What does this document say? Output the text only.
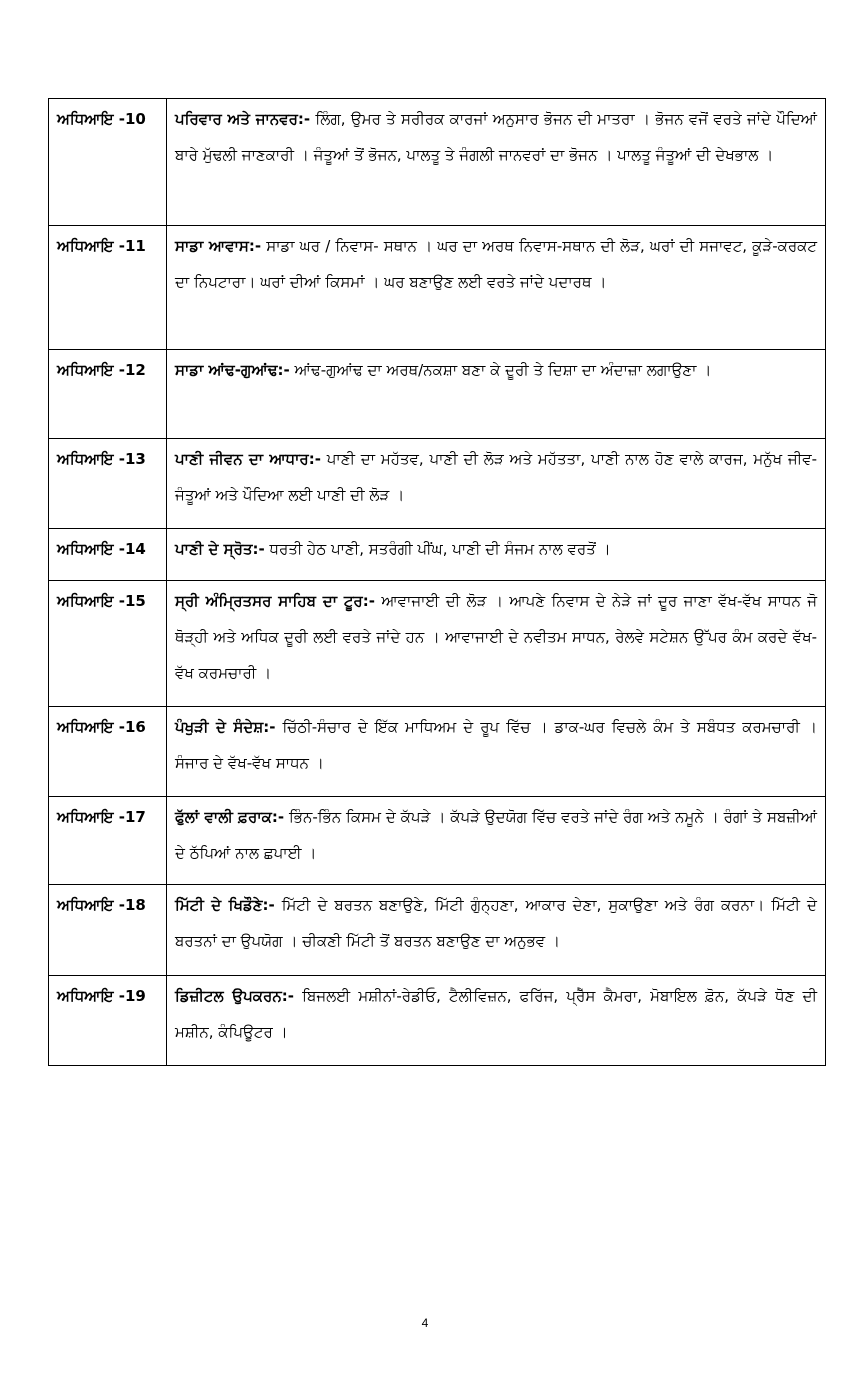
ਅਧਿਆਇ -10	ਪਰਿਵਾਰ ਅਤੇ ਜਾਨਵਰ:- ਲਿੰਗ, ਉਮਰ ਤੇ ਸਰੀਰਕ ਕਾਰਜਾਂ ਅਨੁਸਾਰ ਭੋਜਨ ਦੀ ਮਾਤਰਾ । ਭੋਜਨ ਵਜੋਂ ਵਰਤੇ ਜਾਂਦੇ ਪੌਦਿਆਂ ਬਾਰੇ ਮੁੱਢਲੀ ਜਾਣਕਾਰੀ । ਜੰਤੂਆਂ ਤੋਂ ਭੋਜਨ, ਪਾਲਤੂ ਤੇ ਜੰਗਲੀ ਜਾਨਵਰਾਂ ਦਾ ਭੋਜਨ । ਪਾਲਤੂ ਜੰਤੂਆਂ ਦੀ ਦੇਖਭਾਲ ।
ਅਧਿਆਇ -11	ਸਾਡਾ ਆਵਾਸ:- ਸਾਡਾ ਘਰ / ਨਿਵਾਸ- ਸਥਾਨ । ਘਰ ਦਾ ਅਰਥ ਨਿਵਾਸ-ਸਥਾਨ ਦੀ ਲੋੜ, ਘਰਾਂ ਦੀ ਸਜਾਵਟ, ਕੂੜੇ-ਕਰਕਟ ਦਾ ਨਿਪਟਾਰਾ। ਘਰਾਂ ਦੀਆਂ ਕਿਸਮਾਂ । ਘਰ ਬਣਾਉਣ ਲਈ ਵਰਤੇ ਜਾਂਦੇ ਪਦਾਰਥ ।
ਅਧਿਆਇ -12	ਸਾਡਾ ਆਂਢ-ਗੁਆਂਢ:- ਆਂਢ-ਗੁਆਂਢ ਦਾ ਅਰਥ/ਨਕਸ਼ਾ ਬਣਾ ਕੇ ਦੂਰੀ ਤੇ ਦਿਸ਼ਾ ਦਾ ਅੰਦਾਜ਼ਾ ਲਗਾਉਣਾ ।
ਅਧਿਆਇ -13	ਪਾਣੀ ਜੀਵਨ ਦਾ ਆਧਾਰ:- ਪਾਣੀ ਦਾ ਮਹੱਤਵ, ਪਾਣੀ ਦੀ ਲੋੜ ਅਤੇ ਮਹੱਤਤਾ, ਪਾਣੀ ਨਾਲ ਹੋਣ ਵਾਲੇ ਕਾਰਜ, ਮਨੁੱਖ ਜੀਵ-ਜੰਤੂਆਂ ਅਤੇ ਪੌਦਿਆ ਲਈ ਪਾਣੀ ਦੀ ਲੋੜ ।
ਅਧਿਆਇ -14	ਪਾਣੀ ਦੇ ਸ੍ਰੋਤ:- ਧਰਤੀ ਹੇਠ ਪਾਣੀ, ਸਤਰੰਗੀ ਪੀਂਘ, ਪਾਣੀ ਦੀ ਸੰਜਮ ਨਾਲ ਵਰਤੋਂ ।
ਅਧਿਆਇ -15	ਸ੍ਰੀ ਅੰਮ੍ਰਿਤਸਰ ਸਾਹਿਬ ਦਾ ਟੂਰ:- ਆਵਾਜਾਈ ਦੀ ਲੋੜ । ਆਪਣੇ ਨਿਵਾਸ ਦੇ ਨੇੜੇ ਜਾਂ ਦੂਰ ਜਾਣਾ ਵੱਖ-ਵੱਖ ਸਾਧਨ ਜੋ ਥੋੜ੍ਹੀ ਅਤੇ ਅਧਿਕ ਦੂਰੀ ਲਈ ਵਰਤੇ ਜਾਂਦੇ ਹਨ । ਆਵਾਜਾਈ ਦੇ ਨਵੀਤਮ ਸਾਧਨ, ਰੇਲਵੇ ਸਟੇਸ਼ਨ ਉੱਪਰ ਕੰਮ ਕਰਦੇ ਵੱਖ-ਵੱਖ ਕਰਮਚਾਰੀ ।
ਅਧਿਆਇ -16	ਪੰਖੁੜੀ ਦੇ ਸੰਦੇਸ਼:- ਚਿੱਠੀ-ਸੰਚਾਰ ਦੇ ਇੱਕ ਮਾਧਿਅਮ ਦੇ ਰੂਪ ਵਿੱਚ । ਡਾਕ-ਘਰ ਵਿਚਲੇ ਕੰਮ ਤੇ ਸਬੰਧਤ ਕਰਮਚਾਰੀ । ਸੰਜਾਰ ਦੇ ਵੱਖ-ਵੱਖ ਸਾਧਨ ।
ਅਧਿਆਇ -17	ਫੁੱਲਾਂ ਵਾਲੀ ਫ਼ਰਾਕ:- ਭਿੰਨ-ਭਿੰਨ ਕਿਸਮ ਦੇ ਕੱਪੜੇ । ਕੱਪੜੇ ਉਦਯੋਗ ਵਿੱਚ ਵਰਤੇ ਜਾਂਦੇ ਰੰਗ ਅਤੇ ਨਮੂਨੇ । ਰੰਗਾਂ ਤੇ ਸਬਜ਼ੀਆਂ ਦੇ ਠੱਪਿਆਂ ਨਾਲ ਛਪਾਈ ।
ਅਧਿਆਇ -18	ਮਿੱਟੀ ਦੇ ਖਿਡੌਣੇ:- ਮਿੱਟੀ ਦੇ ਬਰਤਨ ਬਣਾਉਣੇ, ਮਿੱਟੀ ਗੁੰਨ੍ਹਣਾ, ਆਕਾਰ ਦੇਣਾ, ਸੁਕਾਉਣਾ ਅਤੇ ਰੰਗ ਕਰਨਾ। ਮਿੱਟੀ ਦੇ ਬਰਤਨਾਂ ਦਾ ਉਪਯੋਗ । ਚੀਕਣੀ ਮਿੱਟੀ ਤੋਂ ਬਰਤਨ ਬਣਾਉਣ ਦਾ ਅਨੁਭਵ ।
ਅਧਿਆਇ -19	ਡਿਜ਼ੀਟਲ ਉਪਕਰਨ:- ਬਿਜਲਈ ਮਸ਼ੀਨਾਂ-ਰੇਡੀਓ, ਟੈਲੀਵਿਜ਼ਨ, ਫਰਿੱਜ, ਪ੍ਰੈੱਸ ਕੈਮਰਾ, ਮੋਬਾਇਲ ਫ਼ੋਨ, ਕੱਪੜੇ ਧੋਣ ਦੀ ਮਸ਼ੀਨ, ਕੰਪਿਊਟਰ ।
4
